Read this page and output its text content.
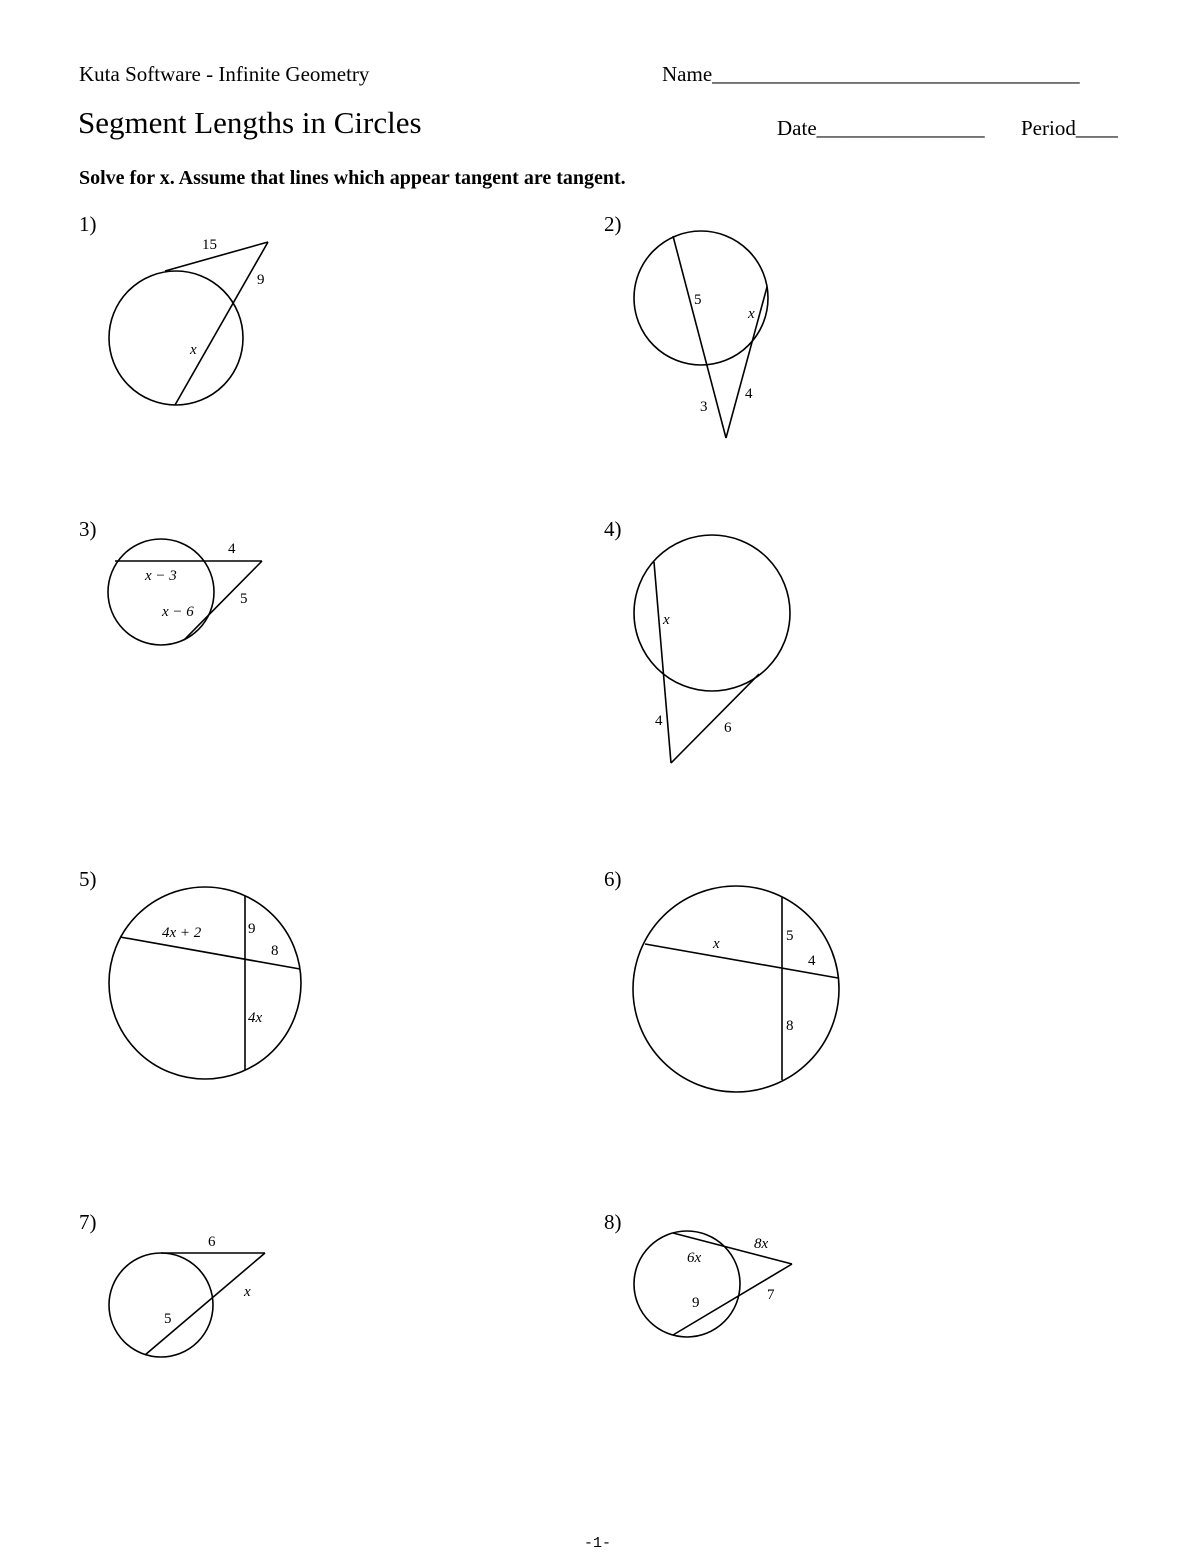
Kuta Software - Infinite Geometry	Name___________________________________
Segment Lengths in Circles	Date________________ Period____
Solve for x. Assume that lines which appear tangent are tangent.
1)	2)
3)	4)
5)	6)
7)	8)
15
9
x
5
x
3
4
4
x − 3
x − 6
5
x
4	6
4x + 2	9
8
4x
x	5
4
8
6
x
5
8x
6x
9	7
-1-
